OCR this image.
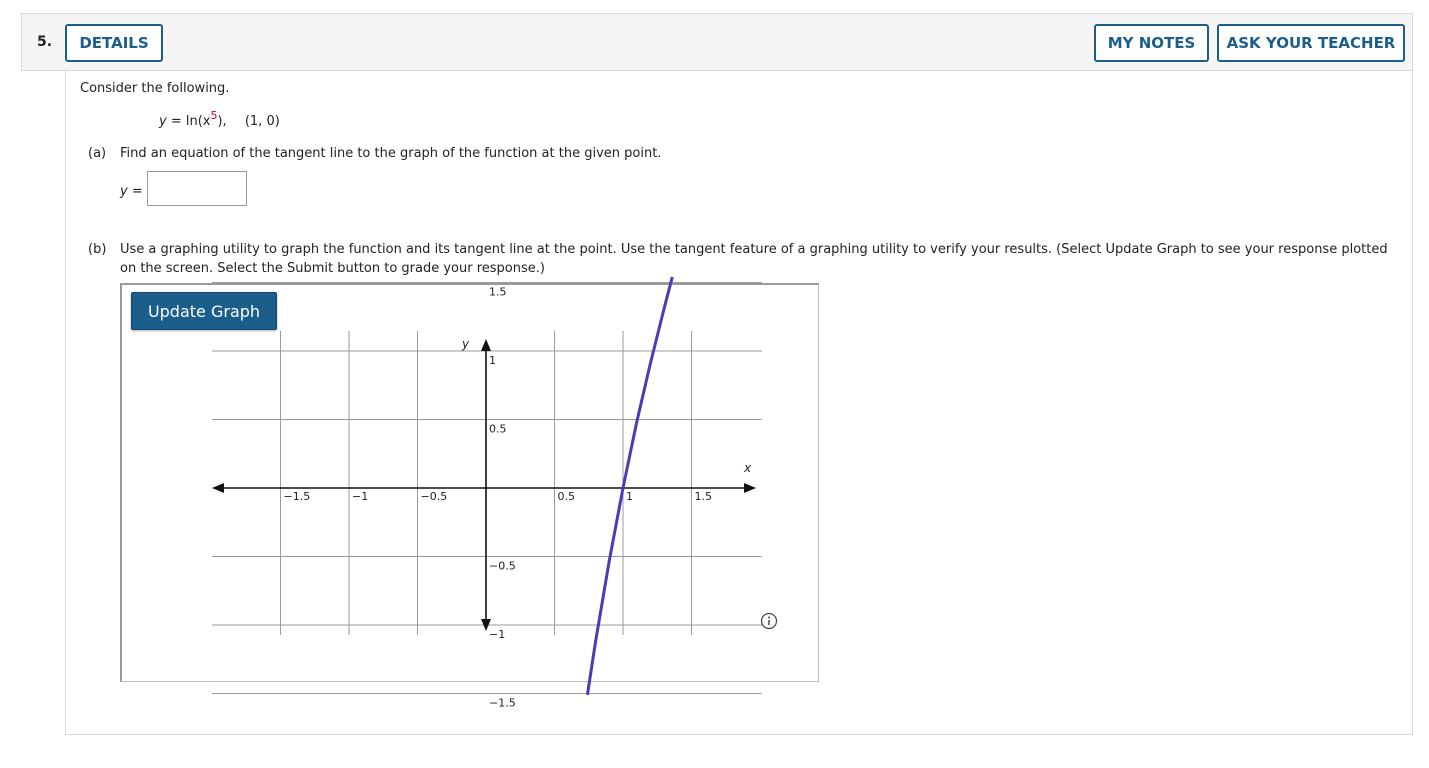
5.	DETAILS	MY NOTES	ASK YOUR TEACHER
Consider the following.
$y = \ln(x^5)$, (1, 0)
(a) Find an equation of the tangent line to the graph of the function at the given point.
y =
(b) Use a graphing utility to graph the function and its tangent line at the point. Use the tangent feature of a graphing utility to verify your results. (Select Update Graph to see your response plotted
on the screen. Select the Submit button to grade your response.)
Update Graph
−1.5	−1	−0.5	0.5	1	1.5
1.5
1
0.5
−0.5
−1
−1.5
x
y
